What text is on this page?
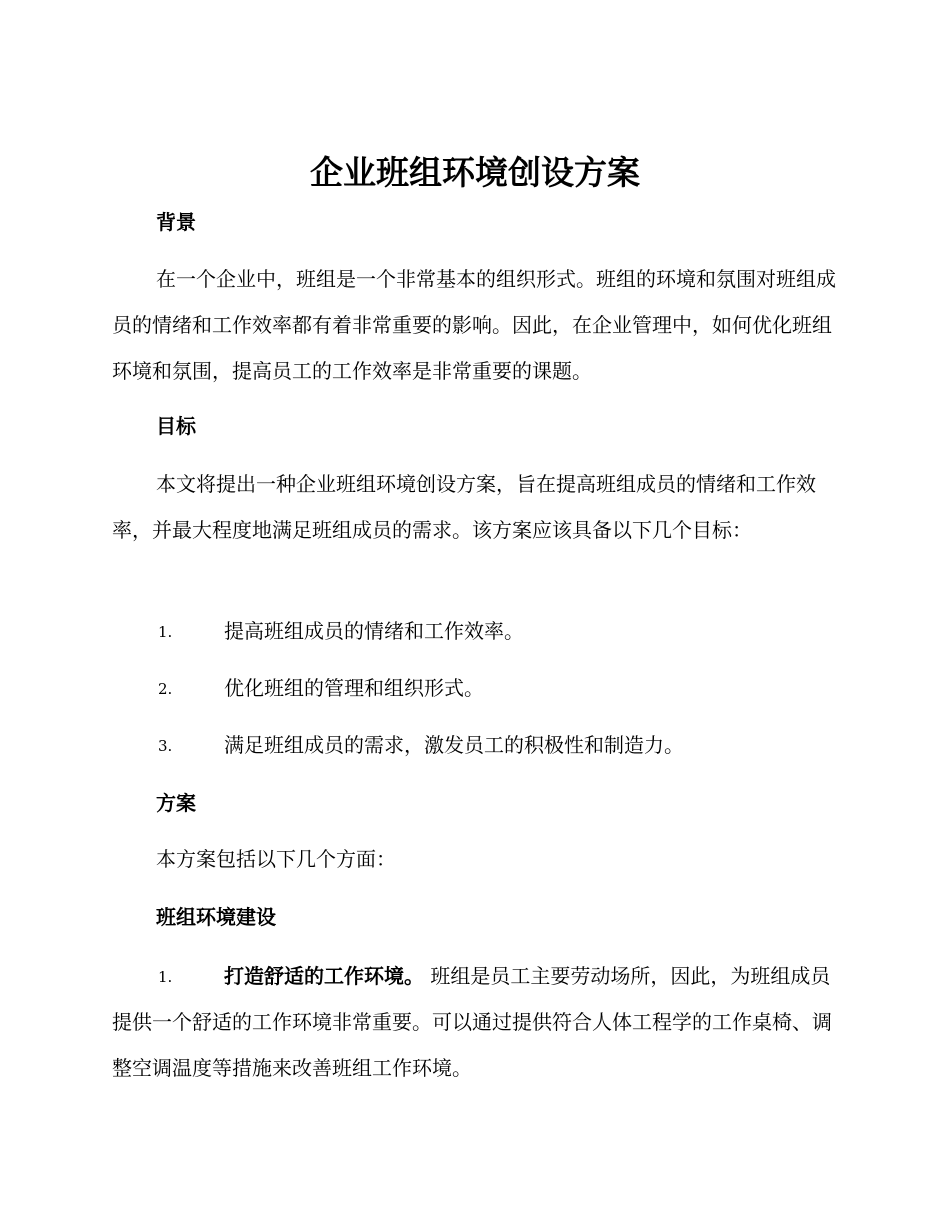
企业班组环境创设方案
背景

在一个企业中，班组是一个非常基本的组织形式。班组的环境和氛围对班组成员的情绪和工作效率都有着非常重要的影响。因此，在企业管理中，如何优化班组环境和氛围，提高员工的工作效率是非常重要的课题。

目标

本文将提出一种企业班组环境创设方案，旨在提高班组成员的情绪和工作效率，并最大程度地满足班组成员的需求。该方案应该具备以下几个目标：

1.	提高班组成员的情绪和工作效率。
2.	优化班组的管理和组织形式。
3.	满足班组成员的需求，激发员工的积极性和制造力。
方案

本方案包括以下几个方面：

班组环境建设
1.	打造舒适的工作环境。 班组是员工主要劳动场所，因此，为班组成员提供一个舒适的工作环境非常重要。可以通过提供符合人体工程学的工作桌椅、调整空调温度等措施来改善班组工作环境。
